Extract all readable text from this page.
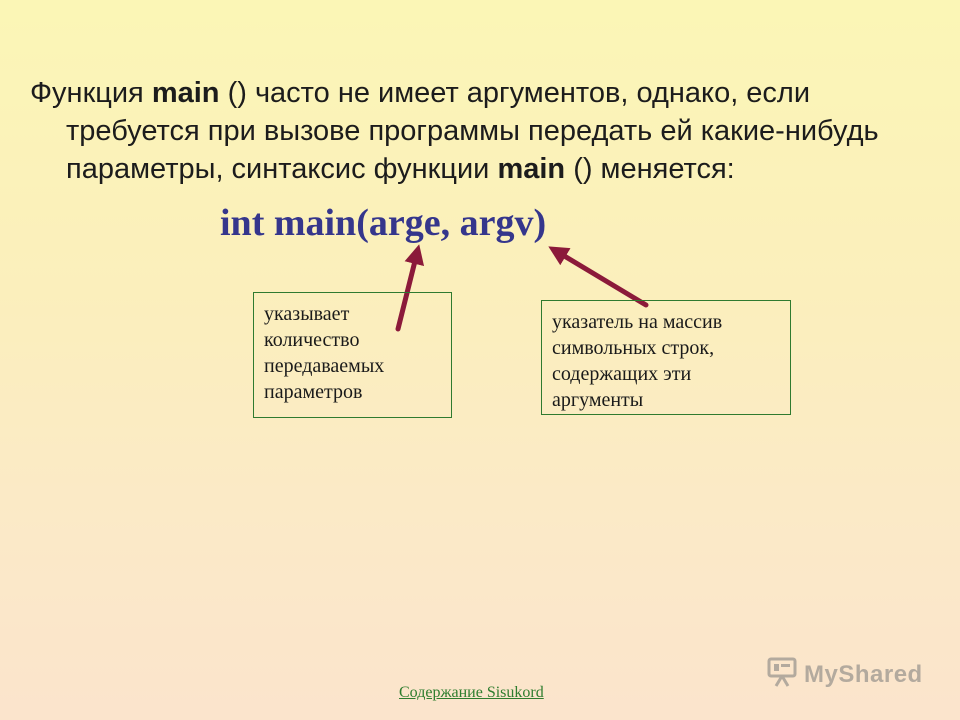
Функция main () часто не имеет аргументов, однако, если требуется при вызове программы передать ей какие-нибудь параметры, синтаксис функции main () меняется:

int main(arge, argv)
указывает
количество
передаваемых
параметров
указатель на массив
символьных строк,
содержащих эти
аргументы
Содержание Sisukord
MyShared
